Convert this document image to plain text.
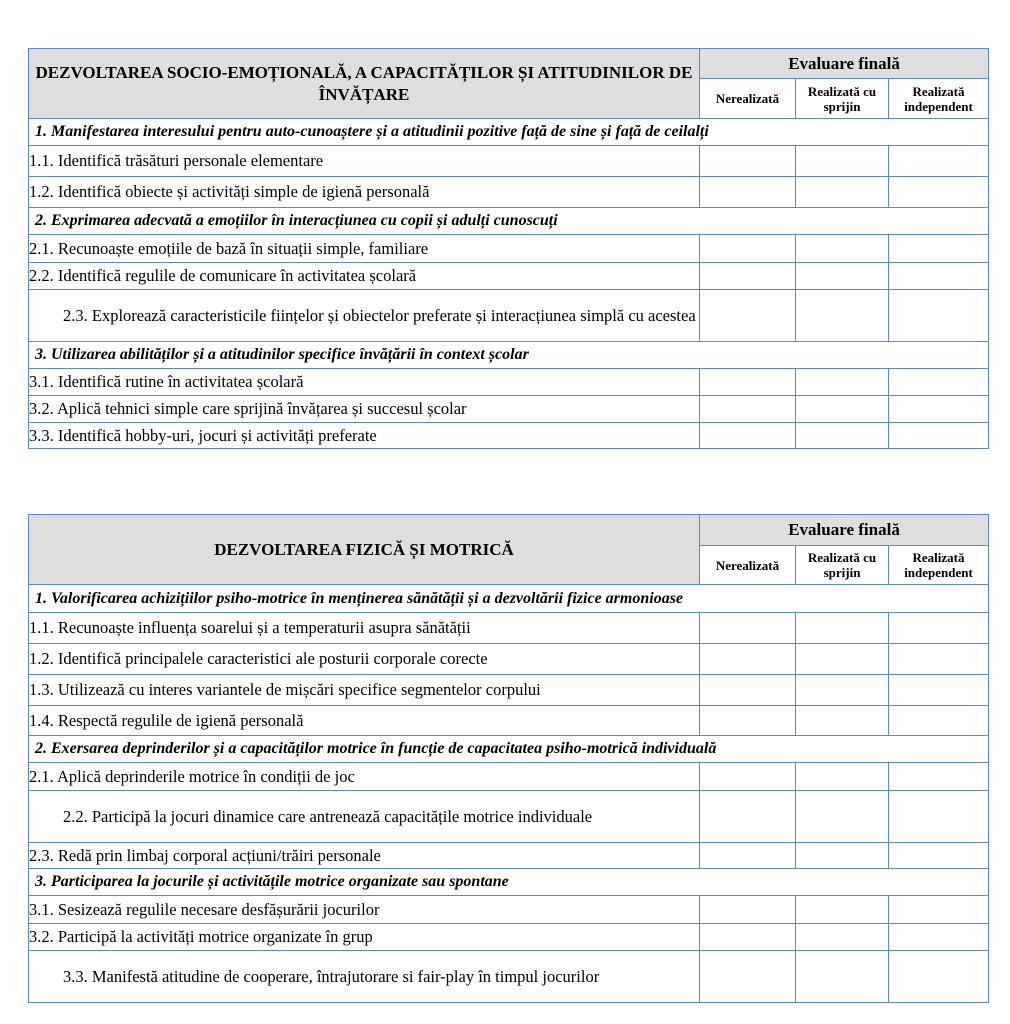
DEZVOLTAREA SOCIO-EMOȚIONALĂ, A CAPACITĂȚILOR ȘI ATITUDINILOR DE ÎNVĂȚARE	Evaluare finală		
	Nerealizată	Realizată cu sprijin	Realizată independent
1. Manifestarea interesului pentru auto-cunoaștere și a atitudinii pozitive față de sine și față de ceilalți			
1.1. Identifică trăsături personale elementare			
1.2. Identifică obiecte și activități simple de igienă personală			
2. Exprimarea adecvată a emoțiilor în interacțiunea cu copii și adulți cunoscuți			
2.1. Recunoaște emoțiile de bază în situații simple, familiare			
2.2. Identifică regulile de comunicare în activitatea școlară			
2.3. Explorează caracteristicile ființelor și obiectelor preferate și interacțiunea simplă cu acestea			
3. Utilizarea abilităților și a atitudinilor specifice învățării în context școlar			
3.1. Identifică rutine în activitatea școlară			
3.2. Aplică tehnici simple care sprijină învățarea și succesul școlar			
3.3. Identifică hobby-uri, jocuri și activități preferate			
DEZVOLTAREA FIZICĂ ȘI MOTRICĂ	Evaluare finală		
	Nerealizată	Realizată cu sprijin	Realizată independent
1. Valorificarea achizițiilor psiho-motrice în menținerea sănătății și a dezvoltării fizice armonioase			
1.1. Recunoaște influența soarelui și a temperaturii asupra sănătății			
1.2. Identifică principalele caracteristici ale posturii corporale corecte			
1.3. Utilizează cu interes variantele de mișcări specifice segmentelor corpului			
1.4. Respectă regulile de igienă personală			
2. Exersarea deprinderilor și a capacităților motrice în funcție de capacitatea psiho-motrică individuală			
2.1. Aplică deprinderile motrice în condiții de joc			
2.2. Participă la jocuri dinamice care antrenează capacitățile motrice individuale			
2.3. Redă prin limbaj corporal acțiuni/trăiri personale			
3. Participarea la jocurile și activitățile motrice organizate sau spontane			
3.1. Sesizează regulile necesare desfășurării jocurilor			
3.2. Participă la activități motrice organizate în grup			
3.3. Manifestă atitudine de cooperare, întrajutorare si fair-play în timpul jocurilor			
